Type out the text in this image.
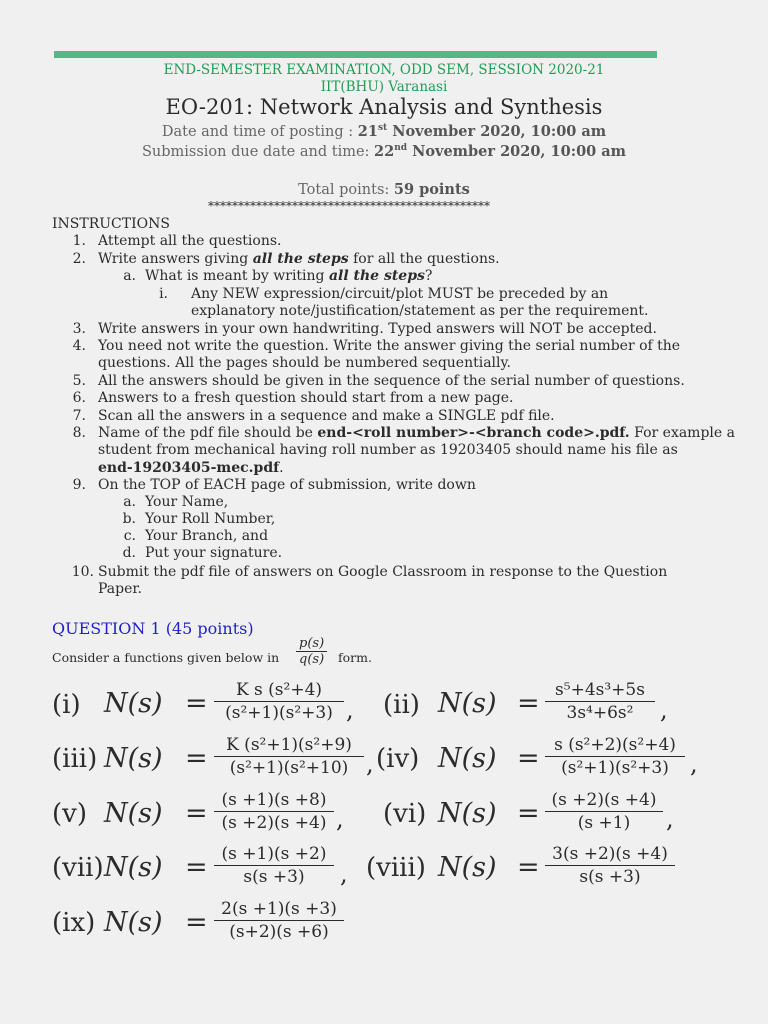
END-SEMESTER EXAMINATION, ODD SEM, SESSION 2020-21
IIT(BHU) Varanasi
EO-201: Network Analysis and Synthesis
Date and time of posting : 21st November 2020, 10:00 am
Submission due date and time: 22nd November 2020, 10:00 am
Total points: 59 points
***********************************************
INSTRUCTIONS
1. Attempt all the questions.
2. Write answers giving all the steps for all the questions.
a. What is meant by writing all the steps?
i. Any NEW expression/circuit/plot MUST be preceded by an
explanatory note/justification/statement as per the requirement.
3. Write answers in your own handwriting. Typed answers will NOT be accepted.
4. You need not write the question. Write the answer giving the serial number of the
questions. All the pages should be numbered sequentially.
5. All the answers should be given in the sequence of the serial number of questions.
6. Answers to a fresh question should start from a new page.
7. Scan all the answers in a sequence and make a SINGLE pdf file.
8. Name of the pdf file should be end-<roll number>-<branch code>.pdf. For example a
student from mechanical having roll number as 19203405 should name his file as
end-19203405-mec.pdf.
9. On the TOP of EACH page of submission, write down
a. Your Name,
b. Your Roll Number,
c. Your Branch, and
d. Put your signature.
10. Submit the pdf file of answers on Google Classroom in response to the Question
Paper.
QUESTION 1 (45 points)
Consider a functions given below in $\frac{p(s)}{q(s)}$ form.
(i) N(s) =	K s (s²+4)
(s²+1)(s²+3) , (ii) N(s) = s⁵+4s³+5s
3s⁴+6s²	,
(iii) N(s) =	K (s²+1)(s²+9)
(s²+1)(s²+10) , (iv) N(s) = s (s²+2)(s²+4)
(s²+1)(s²+3) ,
(v) N(s) = (s +1)(s +8)
(s +2)(s +4) , (vi) N(s) = (s +2)(s +4)
(s +1)	,
(vii) N(s) = (s +1)(s +2)
s(s +3)	, (viii) N(s) = 3(s +2)(s +4)
s(s +3)
(ix) N(s) = 2(s +1)(s +3)
(s+2)(s +6)
